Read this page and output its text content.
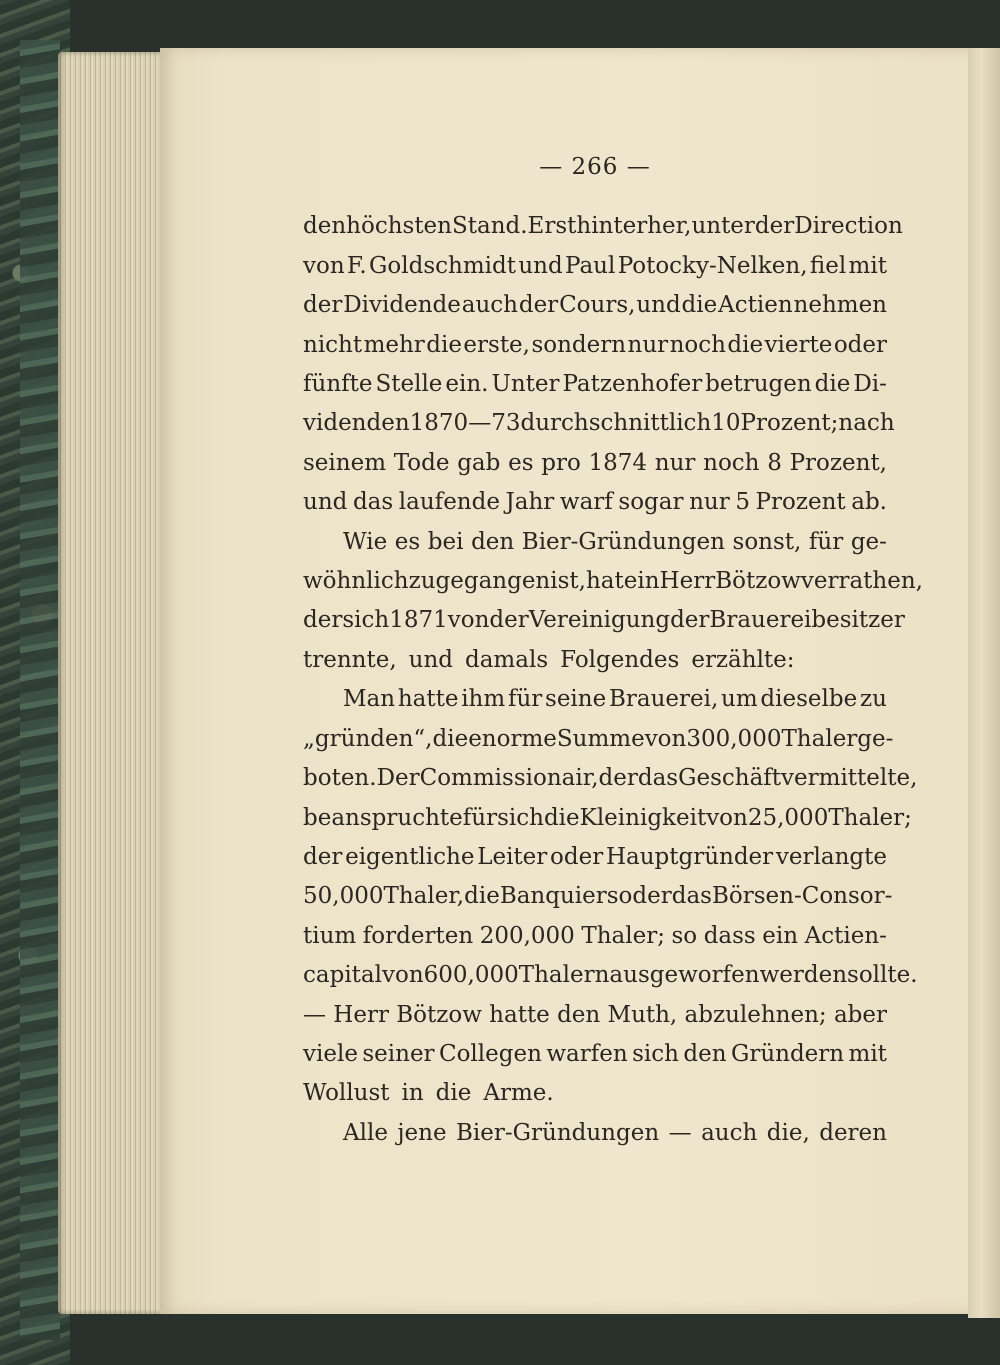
— 266 —
den höchsten Stand. Erst hinterher, unter der Direction
von F. Goldschmidt und Paul Potocky-Nelken, fiel mit
der Dividende auch der Cours, und die Actien nehmen
nicht mehr die erste, sondern nur noch die vierte oder
fünfte Stelle ein. Unter Patzenhofer betrugen die Di-
videnden 1870—73 durchschnittlich 10 Prozent; nach
seinem Tode gab es pro 1874 nur noch 8 Prozent,
und das laufende Jahr warf sogar nur 5 Prozent ab.
Wie es bei den Bier-Gründungen sonst, für ge-
wöhnlich zugegangen ist, hat ein Herr Bötzow verrathen,
der sich 1871 von der Vereinigung der Brauereibesitzer
trennte, und damals Folgendes erzählte:
Man hatte ihm für seine Brauerei, um dieselbe zu
„gründen“, die enorme Summe von 300,000 Thaler ge-
boten. Der Commissionair, der das Geschäft vermittelte,
beanspruchte für sich die Kleinigkeit von 25,000 Thaler;
der eigentliche Leiter oder Hauptgründer verlangte
50,000 Thaler, die Banquiers oder das Börsen-Consor-
tium forderten 200,000 Thaler; so dass ein Actien-
capital von 600,000 Thalern ausgeworfen werden sollte.
— Herr Bötzow hatte den Muth, abzulehnen; aber
viele seiner Collegen warfen sich den Gründern mit
Wollust in die Arme.
Alle jene Bier-Gründungen — auch die, deren
